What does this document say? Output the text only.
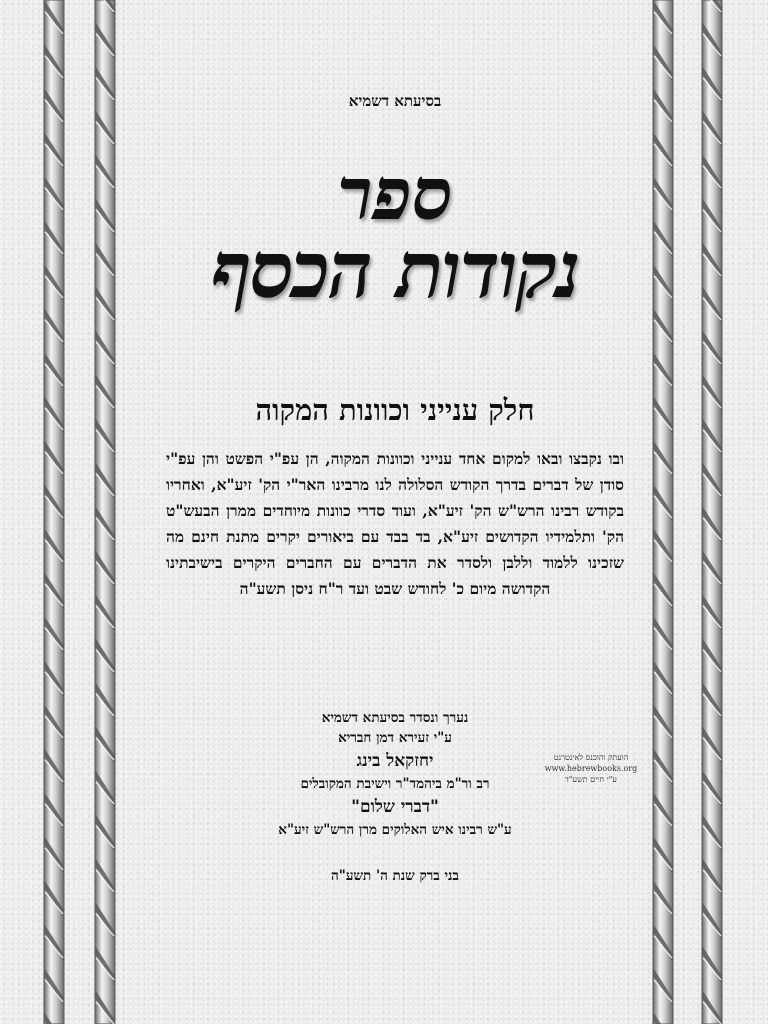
בסיעתא דשמיא
ספר
נקודות הכסף
חלק ענייני וכוונות המקוה
ובו נקבצו ובאו למקום אחד ענייני וכוונות המקוה, הן עפ"י הפשט והן עפ"י סודן של דברים בדרך הקודש הסלולה לנו מרבינו האר"י הק' זיע"א, ואחריו בקודש רבינו הרש"ש הק' זיע"א, ועוד סדרי כוונות מיוחדים ממרן הבעש"ט הק' ותלמידיו הקדושים זיע"א, בד בבד עם ביאורים יקרים מתנת חינם מה שזכינו ללמוד וללבן ולסדר את הדברים עם החברים היקרים בישיבתינו הקדושה מיום כ' לחודש שבט ועד ר"ח ניסן תשע"ה
נערך ונסדר בסיעתא דשמיא
ע"י זעירא דמן חבריא
יחזקאל בינג
רב ור"מ ביהמד"ר וישיבת המקובלים
"דברי שלום"
ע"ש רבינו איש האלוקים מרן הרש"ש זיע"א
בני ברק שנת ה' תשע"ה
הועתק והוכנס לאינטרנט
www.hebrewbooks.org
ע"י חיים תשע"ד
